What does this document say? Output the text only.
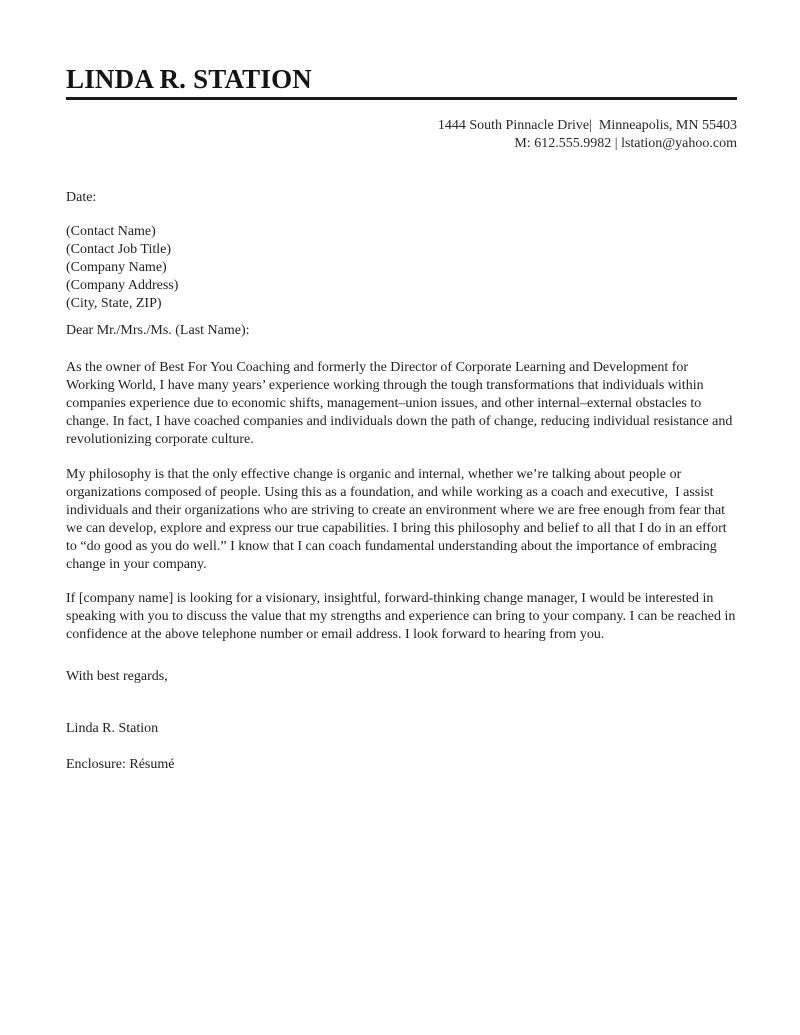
LINDA R. STATION
1444 South Pinnacle Drive|  Minneapolis, MN 55403
M: 612.555.9982 | lstation@yahoo.com
Date:
(Contact Name)
(Contact Job Title)
(Company Name)
(Company Address)
(City, State, ZIP)
Dear Mr./Mrs./Ms. (Last Name):

As the owner of Best For You Coaching and formerly the Director of Corporate Learning and Development for Working World, I have many years’ experience working through the tough transformations that individuals within companies experience due to economic shifts, management–union issues, and other internal–external obstacles to change. In fact, I have coached companies and individuals down the path of change, reducing individual resistance and revolutionizing corporate culture.

My philosophy is that the only effective change is organic and internal, whether we’re talking about people or organizations composed of people. Using this as a foundation, and while working as a coach and executive,  I assist individuals and their organizations who are striving to create an environment where we are free enough from fear that we can develop, explore and express our true capabilities. I bring this philosophy and belief to all that I do in an effort to “do good as you do well.” I know that I can coach fundamental understanding about the importance of embracing change in your company.

If [company name] is looking for a visionary, insightful, forward-thinking change manager, I would be interested in speaking with you to discuss the value that my strengths and experience can bring to your company. I can be reached in confidence at the above telephone number or email address. I look forward to hearing from you.

With best regards,
Linda R. Station
Enclosure: Résumé
